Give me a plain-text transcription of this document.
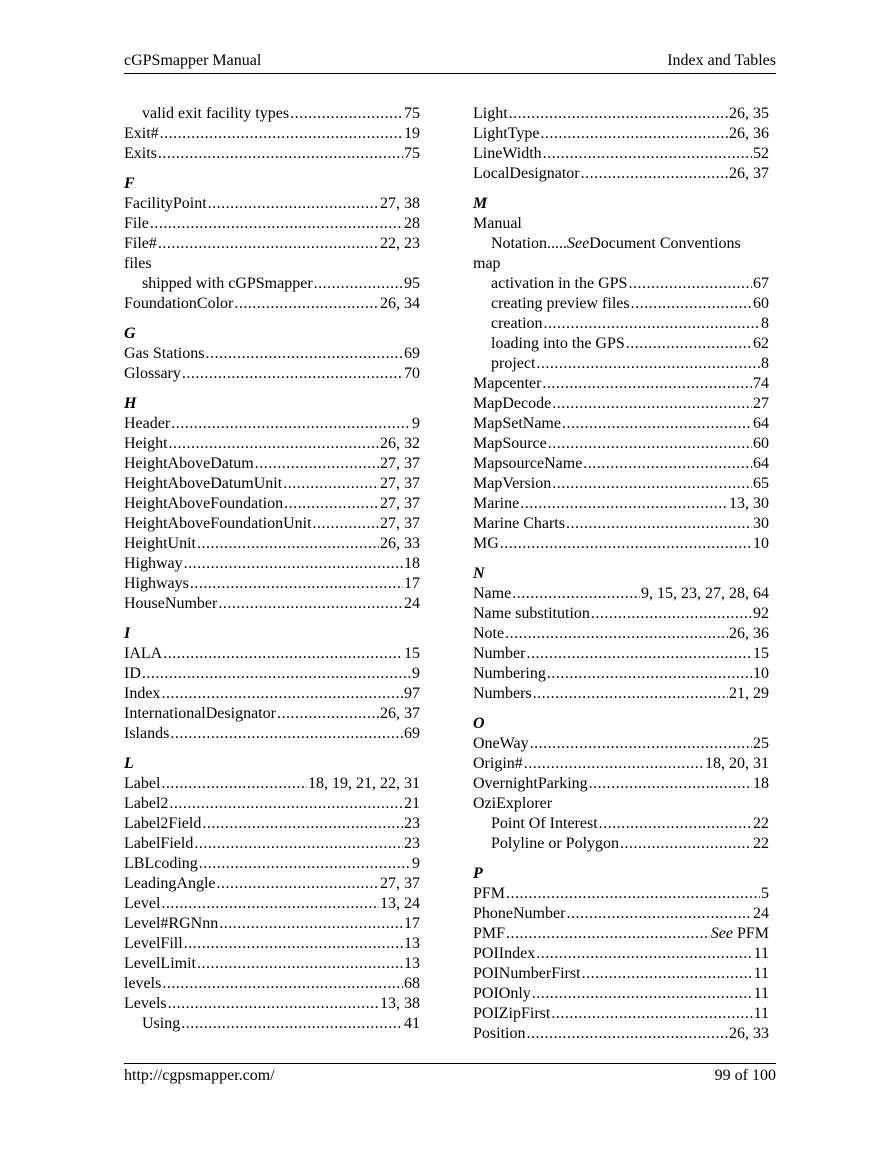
cGPSmapper Manual	Index and Tables
valid exit facility types .....	75
Exit# .....	19
Exits .....	75
F
FacilityPoint .....	27, 38
File .....	28
File# .....	22, 23
files
shipped with cGPSmapper .....	95
FoundationColor .....	26, 34
G
Gas Stations .....	69
Glossary .....	70
H
Header .....	9
Height .....	26, 32
HeightAboveDatum .....	27, 37
HeightAboveDatumUnit .....	27, 37
HeightAboveFoundation .....	27, 37
HeightAboveFoundationUnit .....	27, 37
HeightUnit .....	26, 33
Highway .....	18
Highways .....	17
HouseNumber .....	24
I
IALA .....	15
ID .....	9
Index .....	97
InternationalDesignator .....	26, 37
Islands .....	69
L
Label .....	18, 19, 21, 22, 31
Label2 .....	21
Label2Field .....	23
LabelField .....	23
LBLcoding .....	9
LeadingAngle .....	27, 37
Level .....	13, 24
Level#RGNnn .....	17
LevelFill .....	13
LevelLimit .....	13
levels .....	68
Levels .....	13, 38
Using .....	41
Light .....	26, 35
LightType .....	26, 36
LineWidth .....	52
LocalDesignator .....	26, 37
M
Manual
Notation..... See Document Conventions
map
activation in the GPS .....	67
creating preview files .....	60
creation .....	8
loading into the GPS .....	62
project .....	8
Mapcenter .....	74
MapDecode .....	27
MapSetName .....	64
MapSource .....	60
MapsourceName .....	64
MapVersion .....	65
Marine .....	13, 30
Marine Charts .....	30
MG .....	10
N
Name .....	9, 15, 23, 27, 28, 64
Name substitution .....	92
Note .....	26, 36
Number .....	15
Numbering .....	10
Numbers .....	21, 29
O
OneWay .....	25
Origin# .....	18, 20, 31
OvernightParking .....	18
OziExplorer
Point Of Interest .....	22
Polyline or Polygon .....	22
P
PFM .....	5
PhoneNumber .....	24
PMF .....	See PFM
POIIndex .....	11
POINumberFirst .....	11
POIOnly .....	11
POIZipFirst .....	11
Position .....	26, 33
http://cgpsmapper.com/	99 of 100
